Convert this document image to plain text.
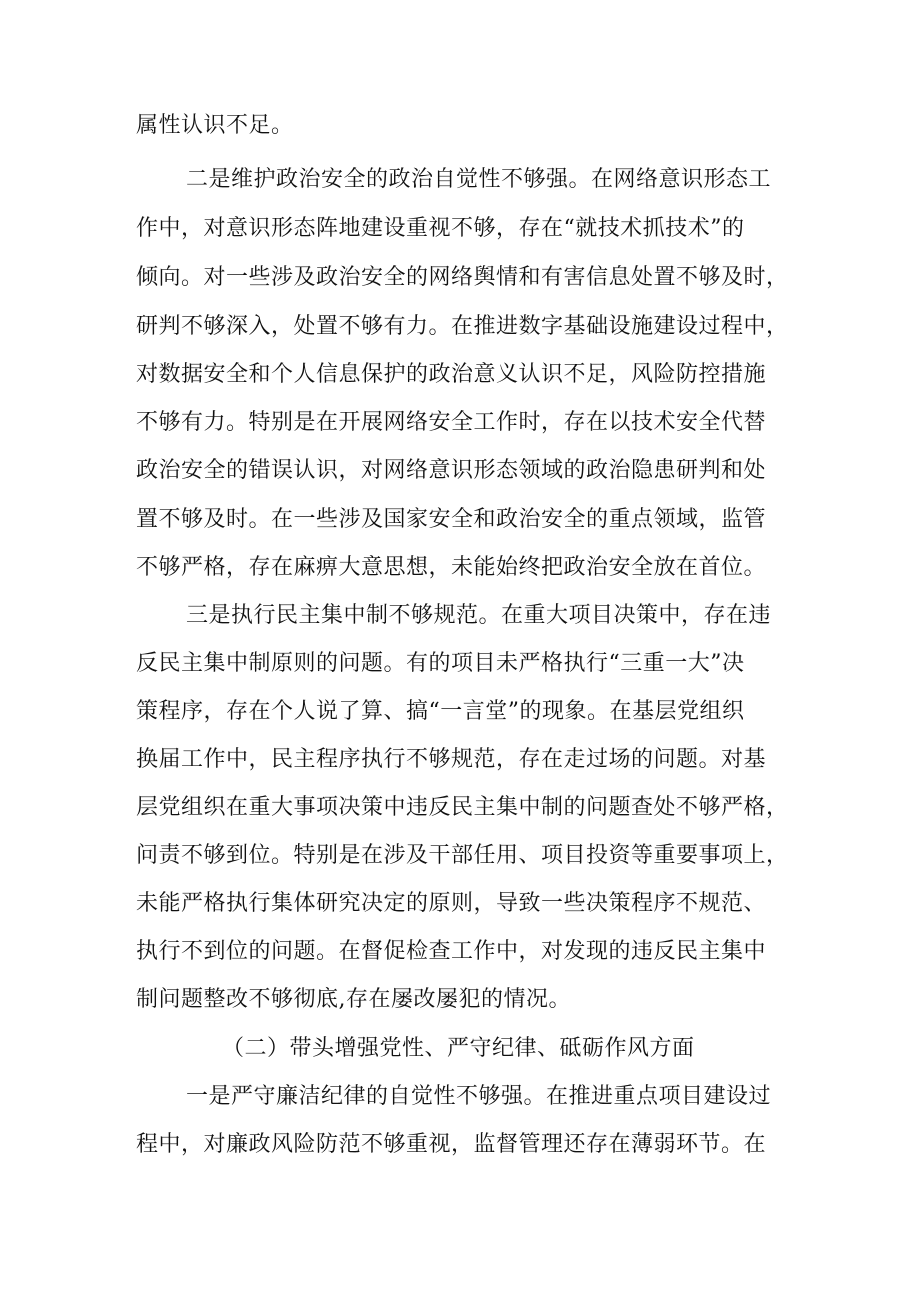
属性认识不足。
二是维护政治安全的政治自觉性不够强。在网络意识形态工
作中，对意识形态阵地建设重视不够，存在“就技术抓技术”的
倾向。对一些涉及政治安全的网络舆情和有害信息处置不够及时，
研判不够深入，处置不够有力。在推进数字基础设施建设过程中，
对数据安全和个人信息保护的政治意义认识不足，风险防控措施
不够有力。特别是在开展网络安全工作时，存在以技术安全代替
政治安全的错误认识，对网络意识形态领域的政治隐患研判和处
置不够及时。在一些涉及国家安全和政治安全的重点领域，监管
不够严格，存在麻痹大意思想，未能始终把政治安全放在首位。
三是执行民主集中制不够规范。在重大项目决策中，存在违
反民主集中制原则的问题。有的项目未严格执行“三重一大”决
策程序，存在个人说了算、搞“一言堂”的现象。在基层党组织
换届工作中，民主程序执行不够规范，存在走过场的问题。对基
层党组织在重大事项决策中违反民主集中制的问题查处不够严格，
问责不够到位。特别是在涉及干部任用、项目投资等重要事项上，
未能严格执行集体研究决定的原则，导致一些决策程序不规范、
执行不到位的问题。在督促检查工作中，对发现的违反民主集中
制问题整改不够彻底,存在屡改屡犯的情况。
（二）带头增强党性、严守纪律、砥砺作风方面
一是严守廉洁纪律的自觉性不够强。在推进重点项目建设过
程中，对廉政风险防范不够重视，监督管理还存在薄弱环节。在
